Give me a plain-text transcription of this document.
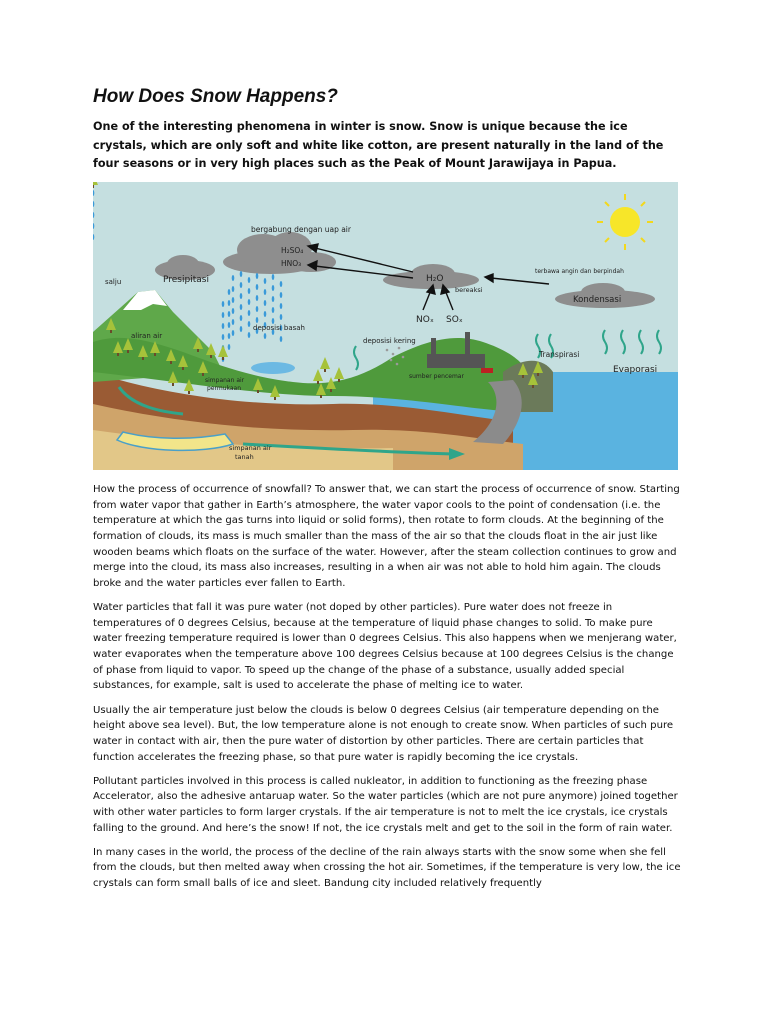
How Does Snow Happens?

One of the interesting phenomena in winter is snow. Snow is unique because the ice crystals, which are only soft and white like cotton, are present naturally in the land of the four seasons or in very high places such as the Peak of Mount Jarawijaya in Papua.

bergabung dengan uap air
H₂SO₄
HNO₃
salju	Presipitasi	H₂O
bereaksi
terbawa angin dan berpindah
Kondensasi
aliran air
deposisi basah
NOₓ SOₓ
deposisi kering
Transpirasi
Evaporasi
simpanan air
permukaan
sumber pencemar
simpanan air
tanah

How the process of occurrence of snowfall? To answer that, we can start the process of occurrence of snow. Starting from water vapor that gather in Earth’s atmosphere, the water vapor cools to the point of condensation (i.e. the temperature at which the gas turns into liquid or solid forms), then rotate to form clouds. At the beginning of the formation of clouds, its mass is much smaller than the mass of the air so that the clouds float in the air just like wooden beams which floats on the surface of the water. However, after the steam collection continues to grow and merge into the cloud, its mass also increases, resulting in a when air was not able to hold him again. The clouds broke and the water particles ever fallen to Earth.

Water particles that fall it was pure water (not doped by other particles). Pure water does not freeze in temperatures of 0 degrees Celsius, because at the temperature of liquid phase changes to solid. To make pure water freezing temperature required is lower than 0 degrees Celsius. This also happens when we menjerang water, water evaporates when the temperature above 100 degrees Celsius because at 100 degrees Celsius is the change of phase from liquid to vapor. To speed up the change of the phase of a substance, usually added special substances, for example, salt is used to accelerate the phase of melting ice to water.

Usually the air temperature just below the clouds is below 0 degrees Celsius (air temperature depending on the height above sea level). But, the low temperature alone is not enough to create snow. When particles of such pure water in contact with air, then the pure water of distortion by other particles. There are certain particles that function accelerates the freezing phase, so that pure water is rapidly becoming the ice crystals.

Pollutant particles involved in this process is called nukleator, in addition to functioning as the freezing phase Accelerator, also the adhesive antaruap water. So the water particles (which are not pure anymore) joined together with other water particles to form larger crystals. If the air temperature is not to melt the ice crystals, ice crystals falling to the ground. And here’s the snow! If not, the ice crystals melt and get to the soil in the form of rain water.

In many cases in the world, the process of the decline of the rain always starts with the snow some when she fell from the clouds, but then melted away when crossing the hot air. Sometimes, if the temperature is very low, the ice crystals can form small balls of ice and sleet. Bandung city included relatively frequently
